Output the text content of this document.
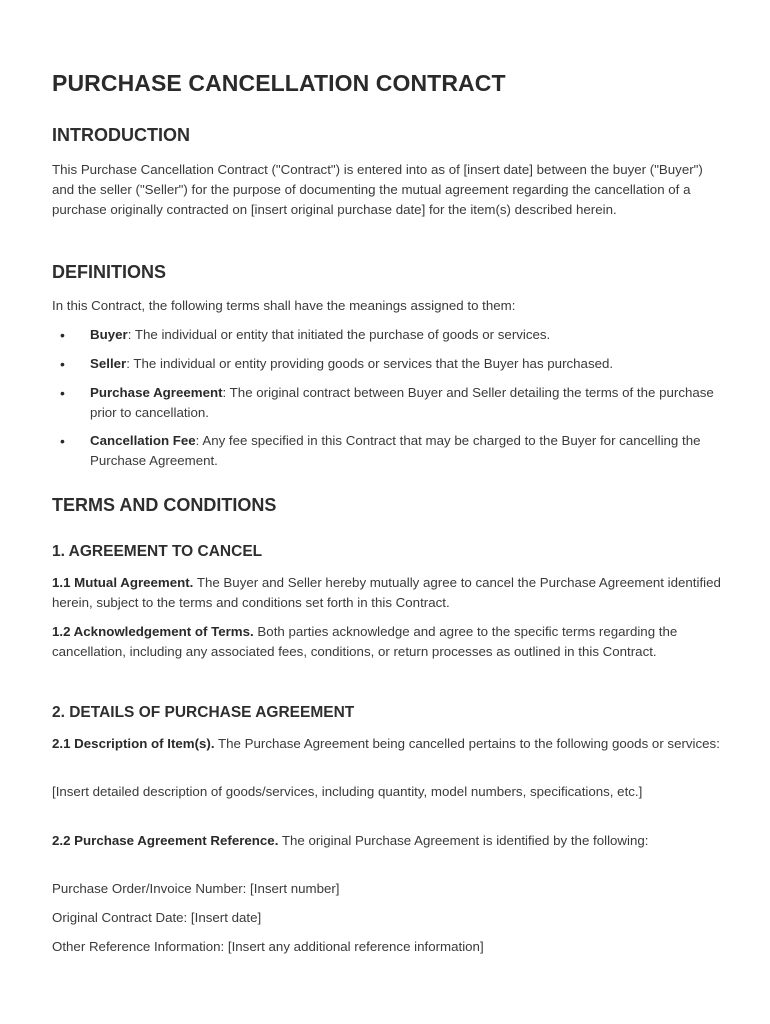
PURCHASE CANCELLATION CONTRACT
INTRODUCTION

This Purchase Cancellation Contract ("Contract") is entered into as of [insert date] between the buyer ("Buyer") and the seller ("Seller") for the purpose of documenting the mutual agreement regarding the cancellation of a purchase originally contracted on [insert original purchase date] for the item(s) described herein.

DEFINITIONS

In this Contract, the following terms shall have the meanings assigned to them:

• Buyer: The individual or entity that initiated the purchase of goods or services.

• Seller: The individual or entity providing goods or services that the Buyer has purchased.

• Purchase Agreement: The original contract between Buyer and Seller detailing the terms of the purchase prior to cancellation.

• Cancellation Fee: Any fee specified in this Contract that may be charged to the Buyer for cancelling the Purchase Agreement.

TERMS AND CONDITIONS
1. AGREEMENT TO CANCEL

1.1 Mutual Agreement. The Buyer and Seller hereby mutually agree to cancel the Purchase Agreement identified herein, subject to the terms and conditions set forth in this Contract.

1.2 Acknowledgement of Terms. Both parties acknowledge and agree to the specific terms regarding the cancellation, including any associated fees, conditions, or return processes as outlined in this Contract.

2. DETAILS OF PURCHASE AGREEMENT

2.1 Description of Item(s). The Purchase Agreement being cancelled pertains to the following goods or services:

[Insert detailed description of goods/services, including quantity, model numbers, specifications, etc.]

2.2 Purchase Agreement Reference. The original Purchase Agreement is identified by the following:

Purchase Order/Invoice Number: [Insert number]

Original Contract Date: [Insert date]

Other Reference Information: [Insert any additional reference information]
